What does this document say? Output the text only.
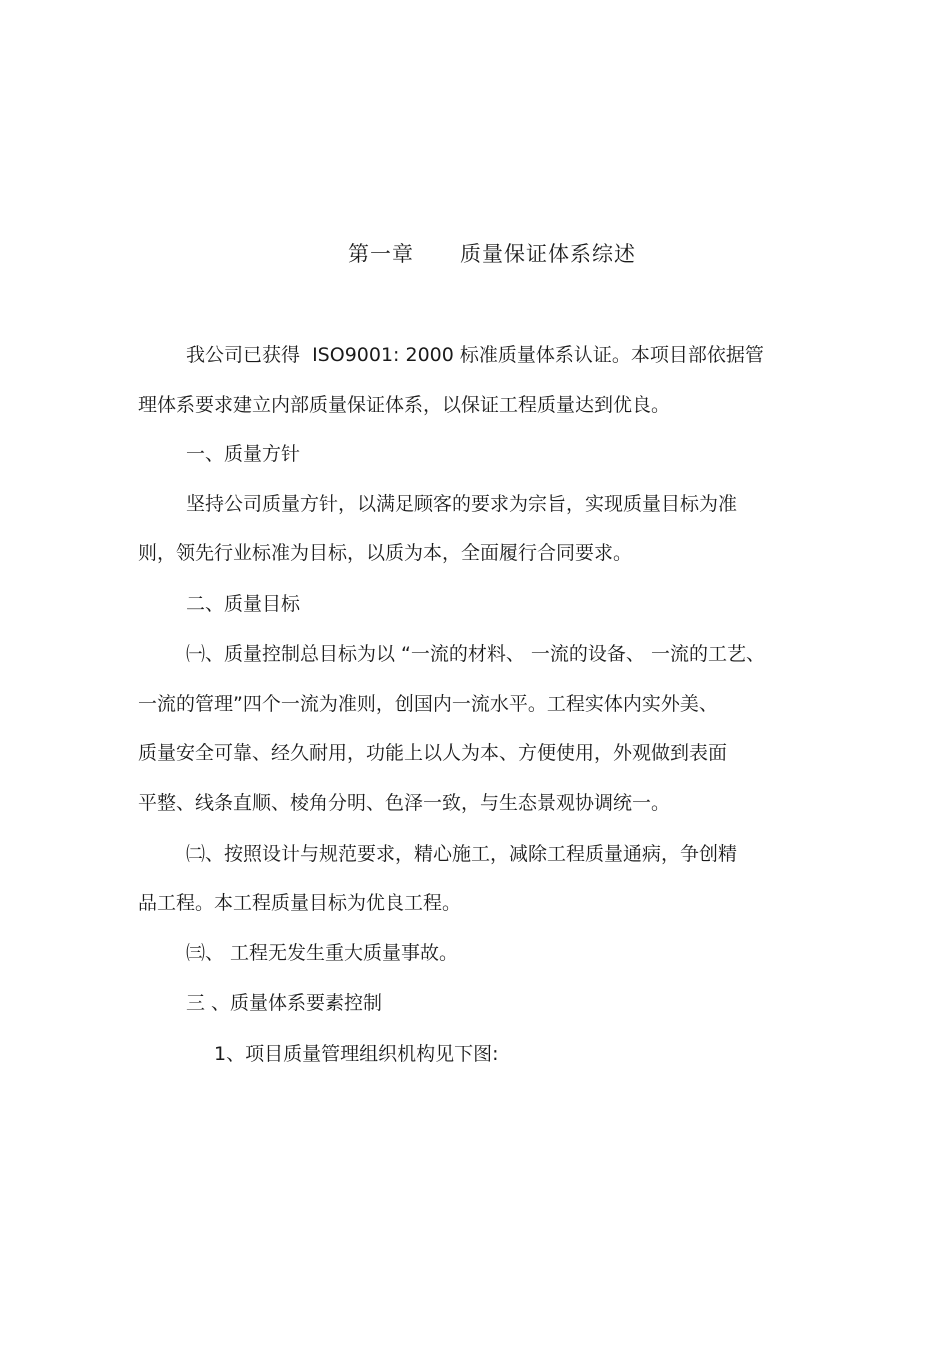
第一章      质量保证体系综述
我公司已获得  ISO9001: 2000 标准质量体系认证。本项目部依据管
理体系要求建立内部质量保证体系，以保证工程质量达到优良。
一、质量方针
坚持公司质量方针，以满足顾客的要求为宗旨，实现质量目标为准
则，领先行业标准为目标，以质为本，全面履行合同要求。
二、质量目标
㈠、质量控制总目标为以 “一流的材料、 一流的设备、 一流的工艺、
一流的管理”四个一流为准则，创国内一流水平。工程实体内实外美、
质量安全可靠、经久耐用，功能上以人为本、方便使用，外观做到表面
平整、线条直顺、棱角分明、色泽一致，与生态景观协调统一。
㈡、按照设计与规范要求，精心施工，减除工程质量通病，争创精
品工程。本工程质量目标为优良工程。
㈢、 工程无发生重大质量事故。
三 、质量体系要素控制
1、项目质量管理组织机构见下图:
